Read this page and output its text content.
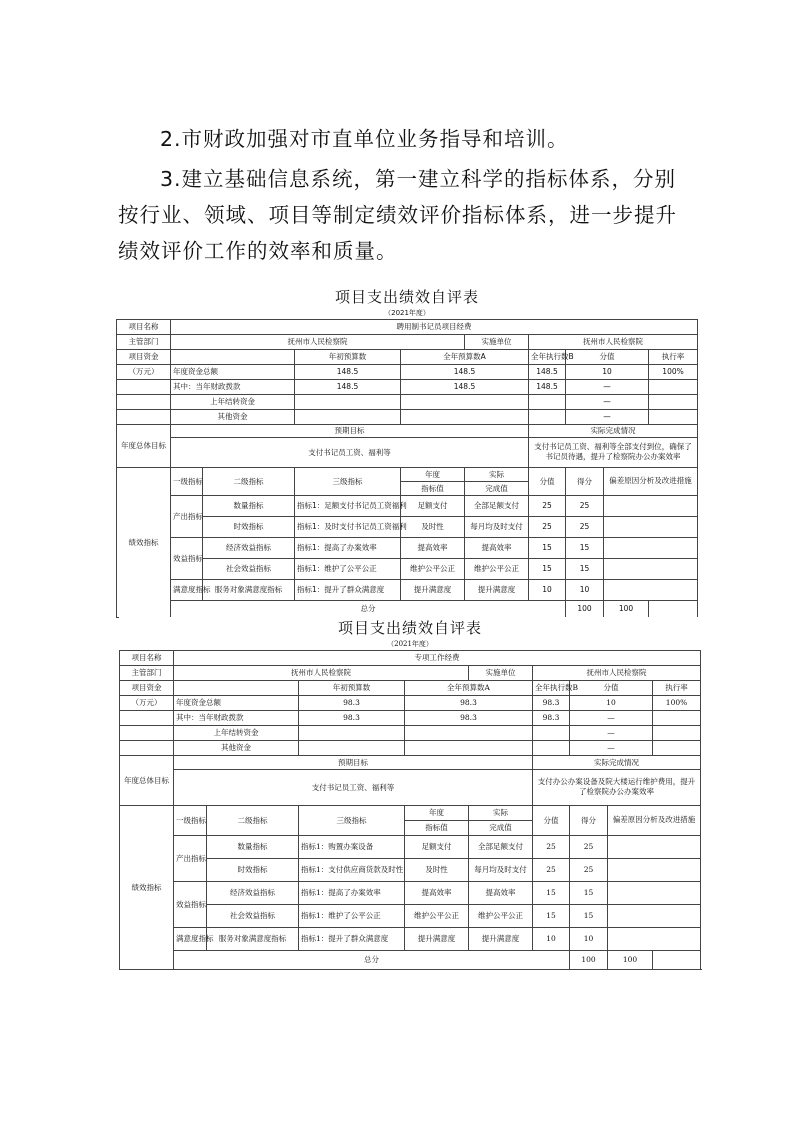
2.市财政加强对市直单位业务指导和培训。

3.建立基础信息系统，第一建立科学的指标体系，分别按行业、领域、项目等制定绩效评价指标体系，进一步提升绩效评价工作的效率和质量。

项目支出绩效自评表									
（2021年度）									
项目名称	聘用制书记员项目经费								
主管部门	抚州市人民检察院				实施单位	抚州市人民检察院			
项目资金			年初预算数	全年预算数A		全年执行数B	分值		执行率
（万元）	年度资金总额		148.5	148.5		148.5	10		100%
	其中：当年财政拨款		148.5	148.5		148.5	—		
	上年结转资金						—		
	其他资金						—		
年度总体目标	预期目标					实际完成情况			
	支付书记员工资、福利等					支付书记员工资、福利等全部支付到位，确保了书记员待遇，提升了检察院办公办案效率			
绩效指标	一级指标	二级指标	三级指标	年度	实际	分值	得分	偏差原因分析及改进措施	
				指标值	完成值				
	产出指标	数量指标	指标1：足额支付书记员工资福利	足额支付	全部足额支付	25	25		
		时效指标	指标1：及时支付书记员工资福利	及时性	每月均及时支付	25	25		
	效益指标	经济效益指标	指标1：提高了办案效率	提高效率	提高效率	15	15		
		社会效益指标	指标1：维护了公平公正	维护公平公正	维护公平公正	15	15		
	满意度指标	服务对象满意度指标	指标1：提升了群众满意度	提升满意度	提升满意度	10	10		
	总分						100	100	
项目支出绩效自评表									
（2021年度）									
项目名称	专项工作经费								
主管部门	抚州市人民检察院				实施单位	抚州市人民检察院			
项目资金			年初预算数	全年预算数A		全年执行数B	分值		执行率
（万元）	年度资金总额		98.3	98.3		98.3	10		100%
	其中：当年财政拨款		98.3	98.3		98.3	—		
	上年结转资金						—		
	其他资金						—		
年度总体目标	预期目标					实际完成情况			
	支付书记员工资、福利等					支付办公办案设备及院大楼运行维护费用，提升了检察院办公办案效率			
绩效指标	一级指标	二级指标	三级指标	年度	实际	分值	得分	偏差原因分析及改进措施	
				指标值	完成值				
	产出指标	数量指标	指标1：购置办案设备	足额支付	全部足额支付	25	25		
		时效指标	指标1：支付供应商货款及时性	及时性	每月均及时支付	25	25		
	效益指标	经济效益指标	指标1：提高了办案效率	提高效率	提高效率	15	15		
		社会效益指标	指标1：维护了公平公正	维护公平公正	维护公平公正	15	15		
	满意度指标	服务对象满意度指标	指标1：提升了群众满意度	提升满意度	提升满意度	10	10		
	总分						100	100	
